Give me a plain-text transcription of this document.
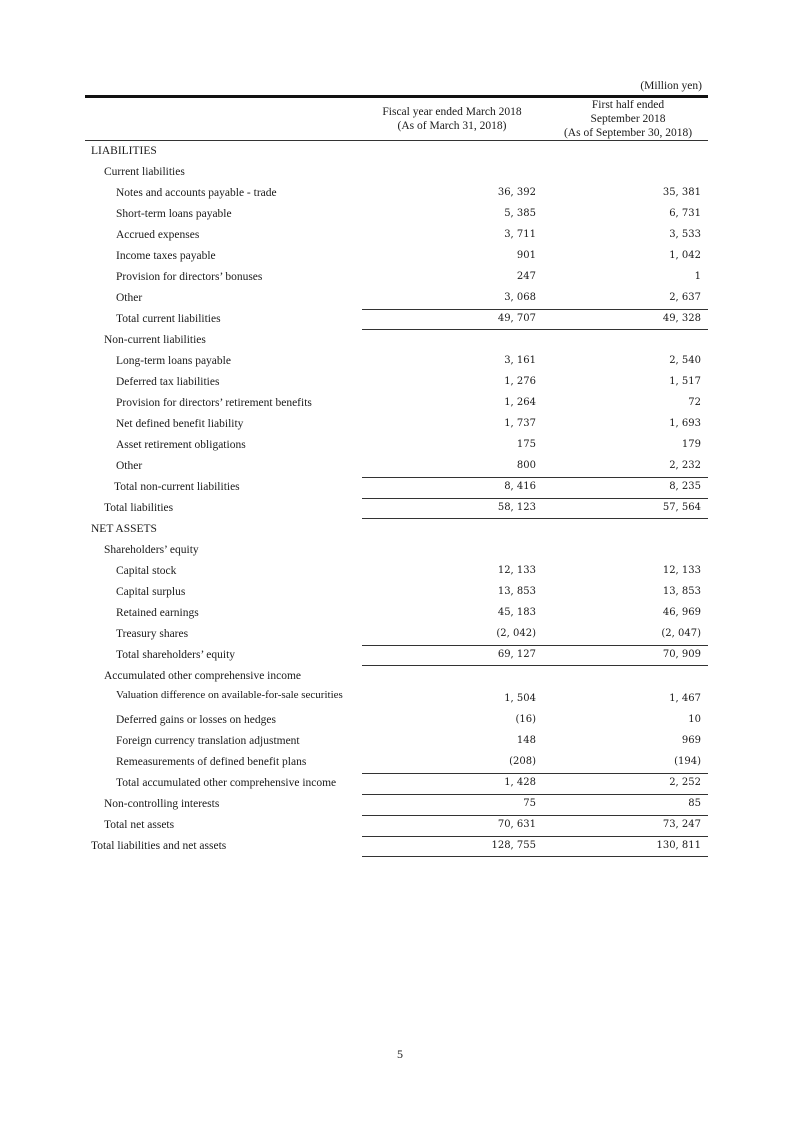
(Million yen)
Fiscal year ended March 2018
(As of March 31, 2018)
First half ended
September 2018
(As of September 30, 2018)
LIABILITIES
Current liabilities
Notes and accounts payable - trade	36, 392	35, 381
Short-term loans payable	5, 385	6, 731
Accrued expenses	3, 711	3, 533
Income taxes payable	901	1, 042
Provision for directors’ bonuses	247	1
Other	3, 068	2, 637
Total current liabilities	49, 707	49, 328
Non-current liabilities
Long-term loans payable	3, 161	2, 540
Deferred tax liabilities	1, 276	1, 517
Provision for directors’ retirement benefits	1, 264	72
Net defined benefit liability	1, 737	1, 693
Asset retirement obligations	175	179
Other	800	2, 232
Total non-current liabilities	8, 416	8, 235
Total liabilities	58, 123	57, 564
NET ASSETS
Shareholders’ equity
Capital stock	12, 133	12, 133
Capital surplus	13, 853	13, 853
Retained earnings	45, 183	46, 969
Treasury shares	(2, 042)	(2, 047)
Total shareholders’ equity	69, 127	70, 909
Accumulated other comprehensive income
Valuation difference on available-for-sale securities	1, 504	1, 467
Deferred gains or losses on hedges	(16)	10
Foreign currency translation adjustment	148	969
Remeasurements of defined benefit plans	(208)	(194)
Total accumulated other comprehensive income	1, 428	2, 252
Non-controlling interests	75	85
Total net assets	70, 631	73, 247
Total liabilities and net assets	128, 755	130, 811
5
